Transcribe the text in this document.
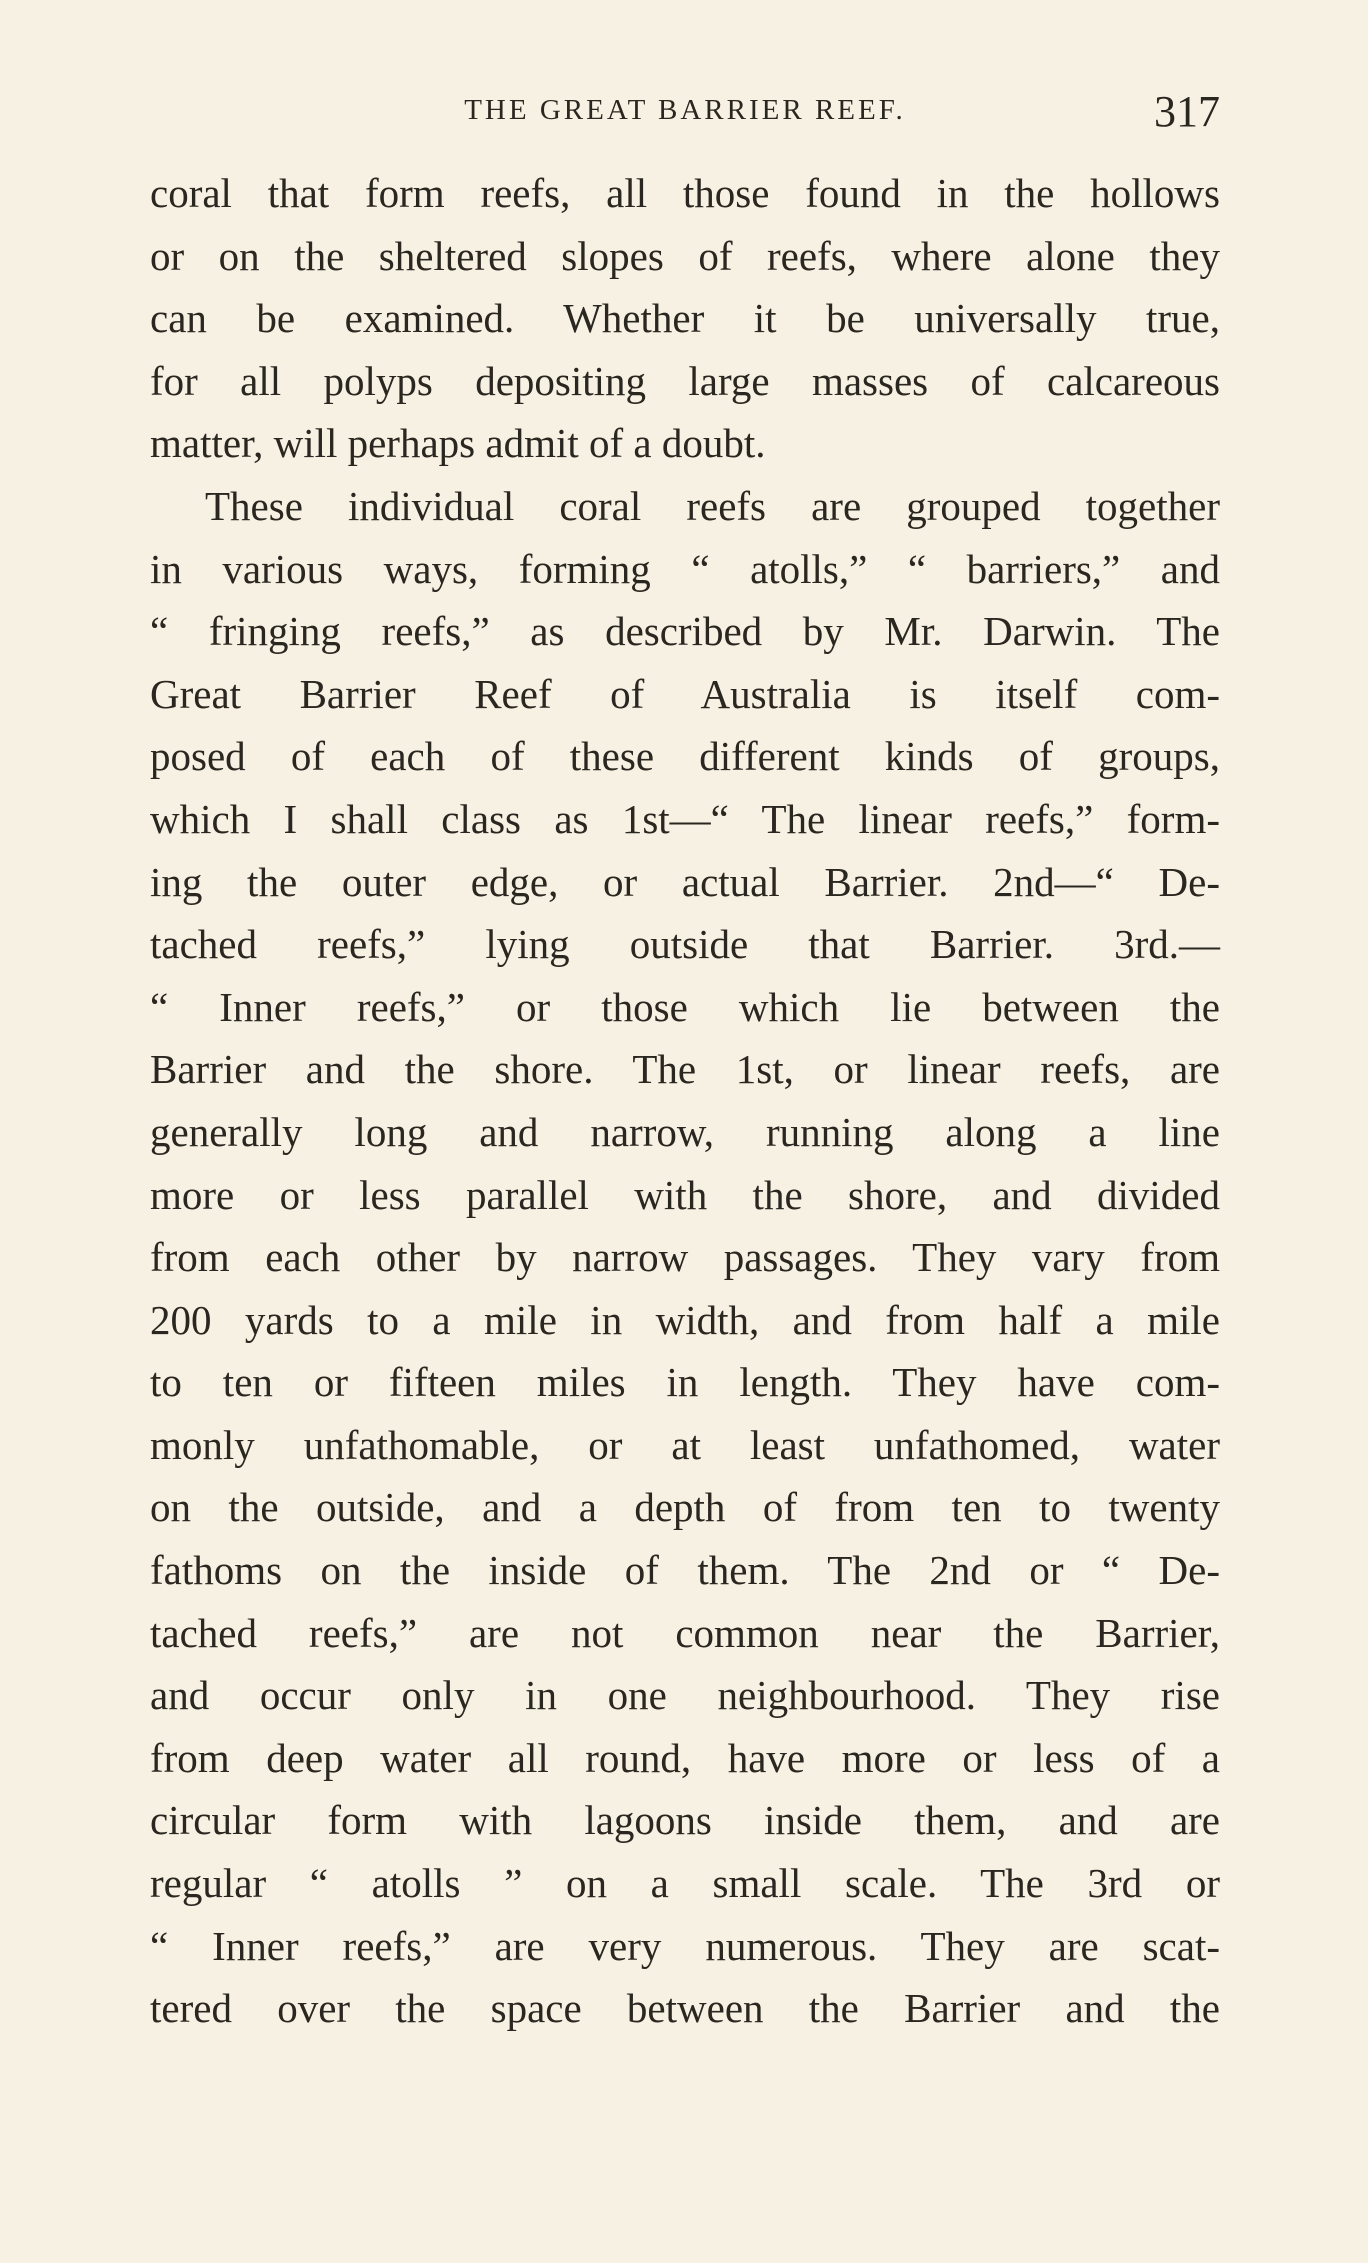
THE GREAT BARRIER REEF.	317
coral that form reefs, all those found in the hollows
or on the sheltered slopes of reefs, where alone they
can be examined. Whether it be universally true,
for all polyps depositing large masses of calcareous
matter, will perhaps admit of a doubt.
These individual coral reefs are grouped together
in various ways, forming “ atolls,” “ barriers,” and
“ fringing reefs,” as described by Mr. Darwin. The
Great Barrier Reef of Australia is itself com-
posed of each of these different kinds of groups,
which I shall class as 1st—“ The linear reefs,” form-
ing the outer edge, or actual Barrier. 2nd—“ De-
tached reefs,” lying outside that Barrier. 3rd.—
“ Inner reefs,” or those which lie between the
Barrier and the shore. The 1st, or linear reefs, are
generally long and narrow, running along a line
more or less parallel with the shore, and divided
from each other by narrow passages. They vary from
200 yards to a mile in width, and from half a mile
to ten or fifteen miles in length. They have com-
monly unfathomable, or at least unfathomed, water
on the outside, and a depth of from ten to twenty
fathoms on the inside of them. The 2nd or “ De-
tached reefs,” are not common near the Barrier,
and occur only in one neighbourhood. They rise
from deep water all round, have more or less of a
circular form with lagoons inside them, and are
regular “ atolls ” on a small scale. The 3rd or
“ Inner reefs,” are very numerous. They are scat-
tered over the space between the Barrier and the
